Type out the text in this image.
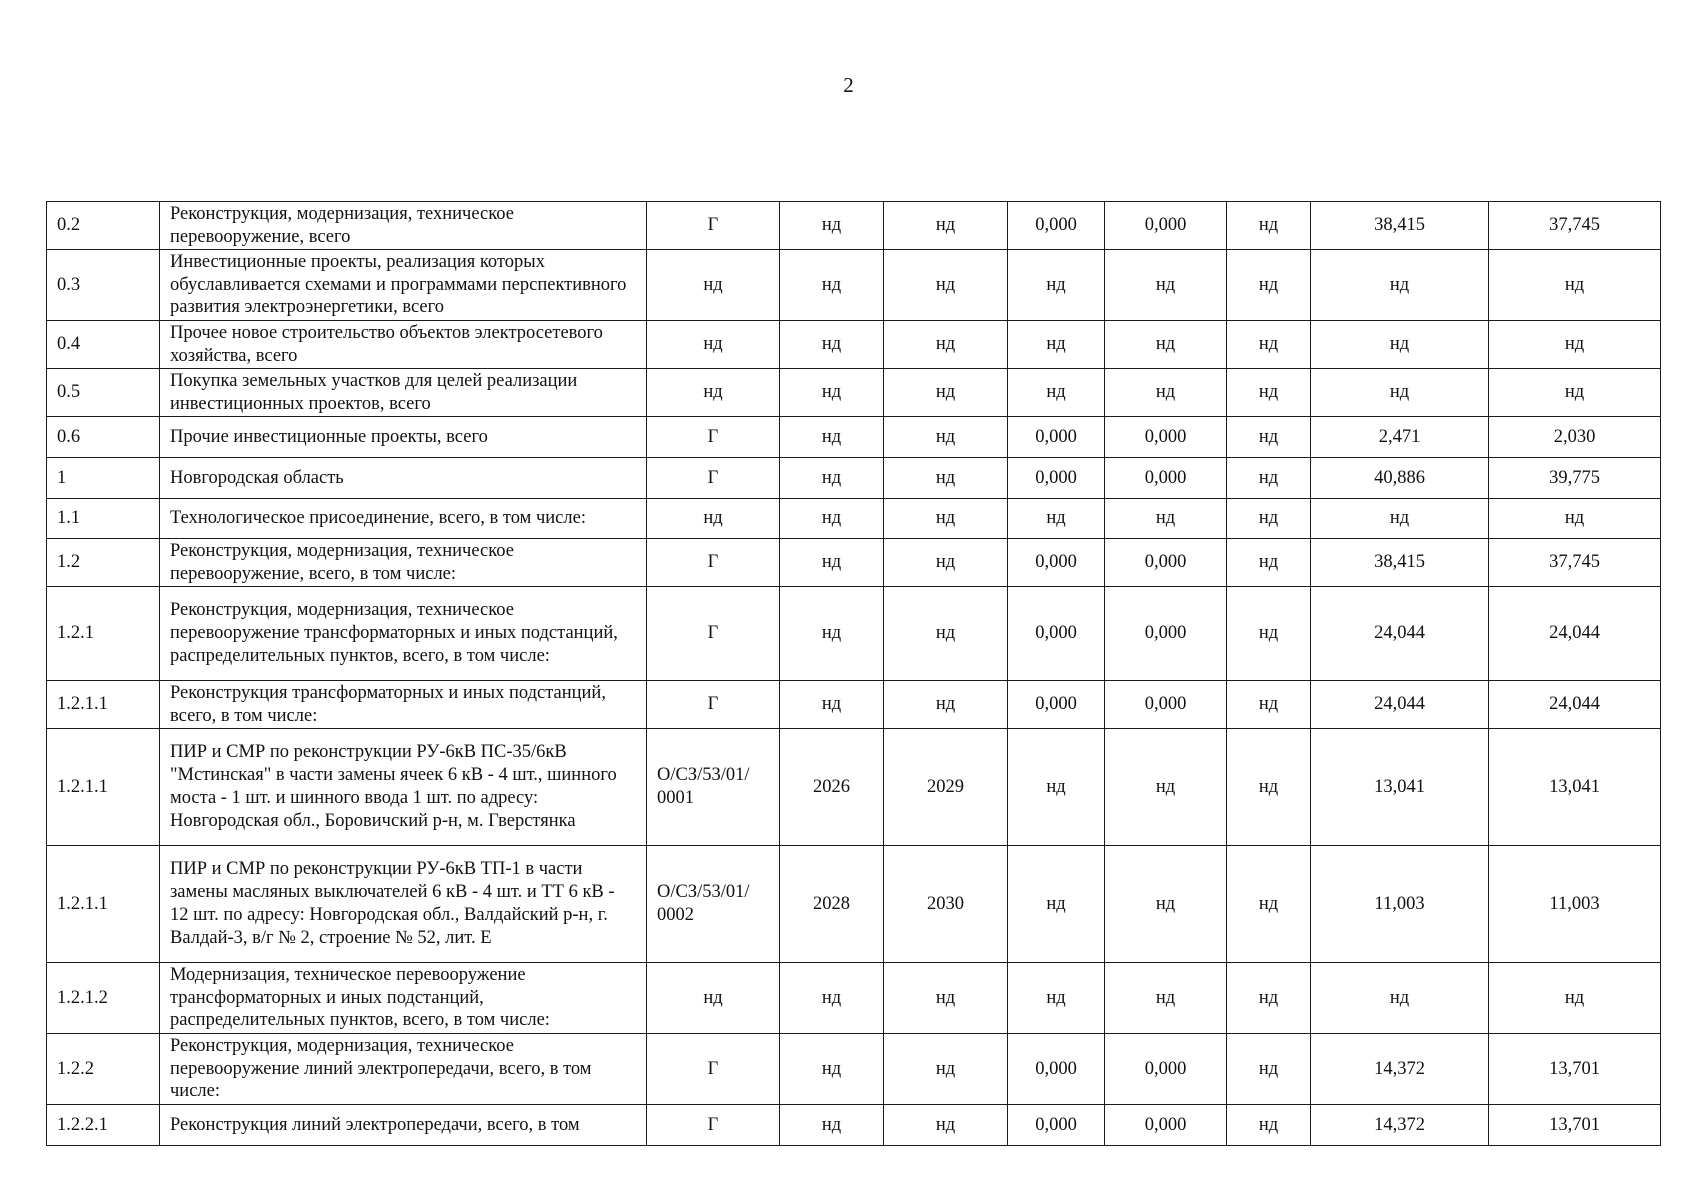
2
0.2	Реконструкция, модернизация, техническое перевооружение, всего	Г	нд	нд	0,000	0,000	нд	38,415	37,745
0.3	Инвестиционные проекты, реализация которых обуславливается схемами и программами перспективного развития электроэнергетики, всего	нд	нд	нд	нд	нд	нд	нд	нд
0.4	Прочее новое строительство объектов электросетевого хозяйства, всего	нд	нд	нд	нд	нд	нд	нд	нд
0.5	Покупка земельных участков для целей реализации инвестиционных проектов, всего	нд	нд	нд	нд	нд	нд	нд	нд
0.6	Прочие инвестиционные проекты, всего	Г	нд	нд	0,000	0,000	нд	2,471	2,030
1	Новгородская область	Г	нд	нд	0,000	0,000	нд	40,886	39,775
1.1	Технологическое присоединение, всего, в том числе:	нд	нд	нд	нд	нд	нд	нд	нд
1.2	Реконструкция, модернизация, техническое перевооружение, всего, в том числе:	Г	нд	нд	0,000	0,000	нд	38,415	37,745
1.2.1	Реконструкция, модернизация, техническое перевооружение трансформаторных и иных подстанций, распределительных пунктов, всего, в том числе:	Г	нд	нд	0,000	0,000	нд	24,044	24,044
1.2.1.1	Реконструкция трансформаторных и иных подстанций, всего, в том числе:	Г	нд	нд	0,000	0,000	нд	24,044	24,044
1.2.1.1	ПИР и СМР по реконструкции РУ-6кВ ПС-35/6кВ "Мстинская" в части замены ячеек 6 кВ - 4 шт., шинного моста - 1 шт. и шинного ввода 1 шт. по адресу: Новгородская обл., Боровичский р-н, м. Гверстянка	О/СЗ/53/01/ 0001	2026	2029	нд	нд	нд	13,041	13,041
1.2.1.1	ПИР и СМР по реконструкции РУ-6кВ ТП-1 в части замены масляных выключателей 6 кВ - 4 шт. и ТТ 6 кВ - 12 шт. по адресу: Новгородская обл., Валдайский р-н, г. Валдай-3, в/г № 2, строение № 52, лит. Е	О/СЗ/53/01/ 0002	2028	2030	нд	нд	нд	11,003	11,003
1.2.1.2	Модернизация, техническое перевооружение трансформаторных и иных подстанций, распределительных пунктов, всего, в том числе:	нд	нд	нд	нд	нд	нд	нд	нд
1.2.2	Реконструкция, модернизация, техническое перевооружение линий электропередачи, всего, в том числе:	Г	нд	нд	0,000	0,000	нд	14,372	13,701
1.2.2.1	Реконструкция линий электропередачи, всего, в том	Г	нд	нд	0,000	0,000	нд	14,372	13,701
